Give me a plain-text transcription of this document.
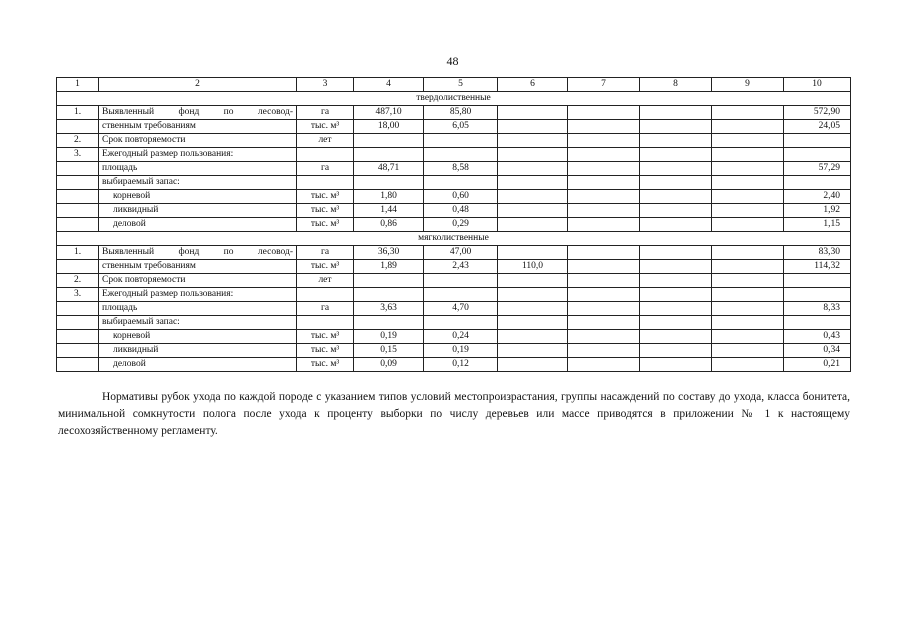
48
1	2	3	4	5	6	7	8	9	10
твердолиственные									
1.	Выявленный фонд по лесовод-	га	487,10	85,80					572,90
	ственным требованиям	тыс. м³	18,00	6,05					24,05
2.	Срок повторяемости	лет							
3.	Ежегодный размер пользования:								
	площадь	га	48,71	8,58					57,29
	выбираемый запас:								
	корневой	тыс. м³	1,80	0,60					2,40
	ликвидный	тыс. м³	1,44	0,48					1,92
	деловой	тыс. м³	0,86	0,29					1,15
мягколиственные									
1.	Выявленный фонд по лесовод-	га	36,30	47,00					83,30
	ственным требованиям	тыс. м³	1,89	2,43	110,0				114,32
2.	Срок повторяемости	лет							
3.	Ежегодный размер пользования:								
	площадь	га	3,63	4,70					8,33
	выбираемый запас:								
	корневой	тыс. м³	0,19	0,24					0,43
	ликвидный	тыс. м³	0,15	0,19					0,34
	деловой	тыс. м³	0,09	0,12					0,21

Нормативы рубок ухода по каждой породе с указанием типов условий местопроизрастания, группы насаждений по составу до ухода, класса бонитета, минимальной сомкнутости полога после ухода к проценту выборки по числу деревьев или массе приводятся в приложении № 1 к настоящему лесохозяйственному регламенту.
